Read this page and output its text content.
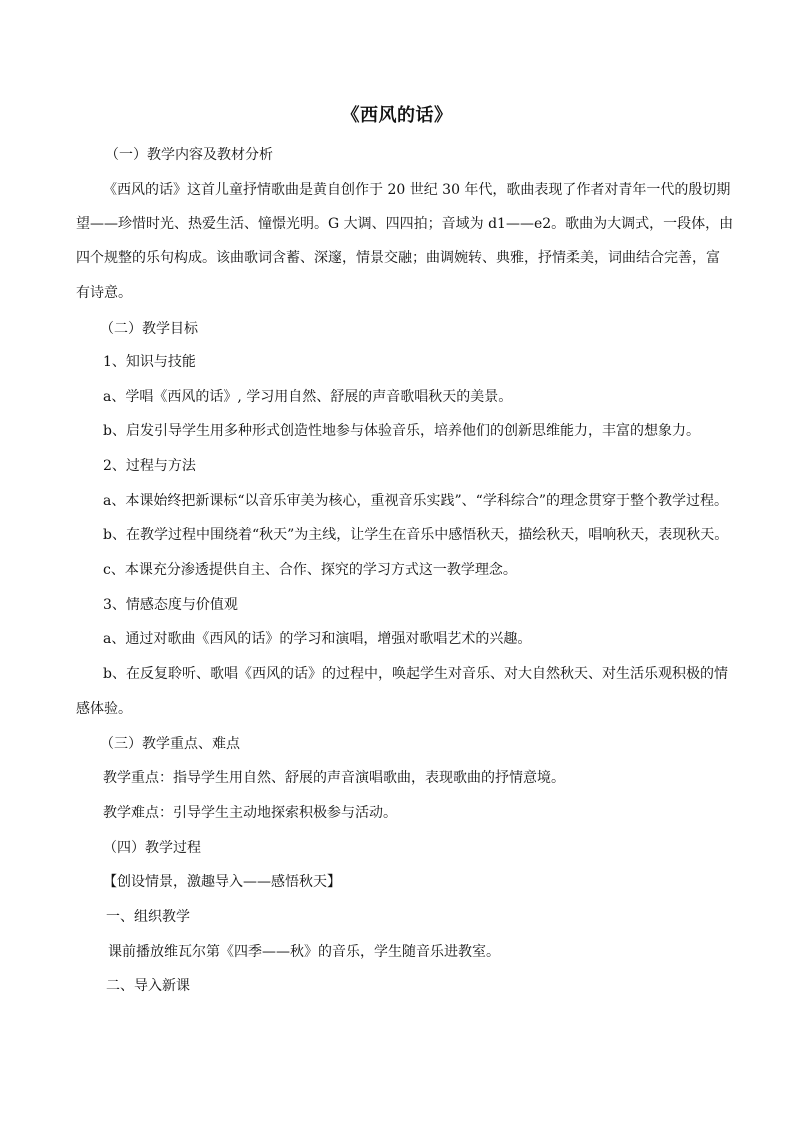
《西风的话》
（一）教学内容及教材分析
《西风的话》这首儿童抒情歌曲是黄自创作于 20 世纪 30 年代，歌曲表现了作者对青年一代的殷切期
望——珍惜时光、热爱生活、憧憬光明。G 大调、四四拍；音域为 d1——e2。歌曲为大调式，一段体，由
四个规整的乐句构成。该曲歌词含蓄、深邃，情景交融；曲调婉转、典雅，抒情柔美，词曲结合完善，富
有诗意。
（二）教学目标
1、知识与技能
a、学唱《西风的话》, 学习用自然、舒展的声音歌唱秋天的美景。
b、启发引导学生用多种形式创造性地参与体验音乐，培养他们的创新思维能力，丰富的想象力。
2、过程与方法
a、本课始终把新课标“以音乐审美为核心，重视音乐实践”、“学科综合”的理念贯穿于整个教学过程。
b、在教学过程中围绕着“秋天”为主线，让学生在音乐中感悟秋天，描绘秋天，唱响秋天，表现秋天。
c、本课充分渗透提供自主、合作、探究的学习方式这一教学理念。
3、情感态度与价值观
a、通过对歌曲《西风的话》的学习和演唱，增强对歌唱艺术的兴趣。
b、在反复聆听、歌唱《西风的话》的过程中，唤起学生对音乐、对大自然秋天、对生活乐观积极的情
感体验。
（三）教学重点、难点
教学重点：指导学生用自然、舒展的声音演唱歌曲，表现歌曲的抒情意境。
教学难点：引导学生主动地探索积极参与活动。
（四）教学过程
【创设情景，激趣导入——感悟秋天】
一、组织教学
课前播放维瓦尔第《四季——秋》的音乐，学生随音乐进教室。
二、导入新课
